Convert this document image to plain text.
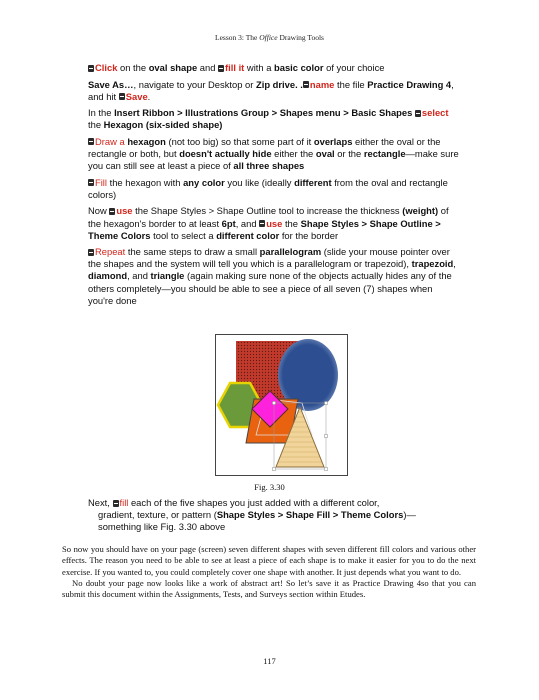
Lesson 3: The Office Drawing Tools

Click on the oval shape and fill it with a basic color of your choice

Save As…, navigate to your Desktop or Zip drive. . name the file Practice Drawing 4, and hit Save.

In the Insert Ribbon > Illustrations Group > Shapes menu > Basic Shapes select the Hexagon (six-sided shape)

Draw a hexagon (not too big) so that some part of it overlaps either the oval or the rectangle or both, but doesn't actually hide either the oval or the rectangle—make sure you can still see at least a piece of all three shapes

Fill the hexagon with any color you like (ideally different from the oval and rectangle colors)

Now use the Shape Styles > Shape Outline tool to increase the thickness (weight) of the hexagon's border to at least 6pt, and use the Shape Styles > Shape Outline > Theme Colors tool to select a different color for the border

Repeat the same steps to draw a small parallelogram (slide your mouse pointer over the shapes and the system will tell you which is a parallelogram or trapezoid), trapezoid, diamond, and triangle (again making sure none of the objects actually hides any of the others completely—you should be able to see a piece of all seven (7) shapes when you're done

Fig. 3.30

Next, fill each of the five shapes you just added with a different color,

gradient, texture, or pattern (Shape Styles > Shape Fill > Theme Colors)—

something like Fig. 3.30 above

So now you should have on your page (screen) seven different shapes with seven different fill colors and various other effects. The reason you need to be able to see at least a piece of each shape is to make it easier for you to do the next exercise. If you wanted to, you could completely cover one shape with another. It just depends what you want to do.

No doubt your page now looks like a work of abstract art! So let’s save it as Practice Drawing 4so that you can submit this document within the Assignments, Tests, and Surveys section within Etudes.

117
